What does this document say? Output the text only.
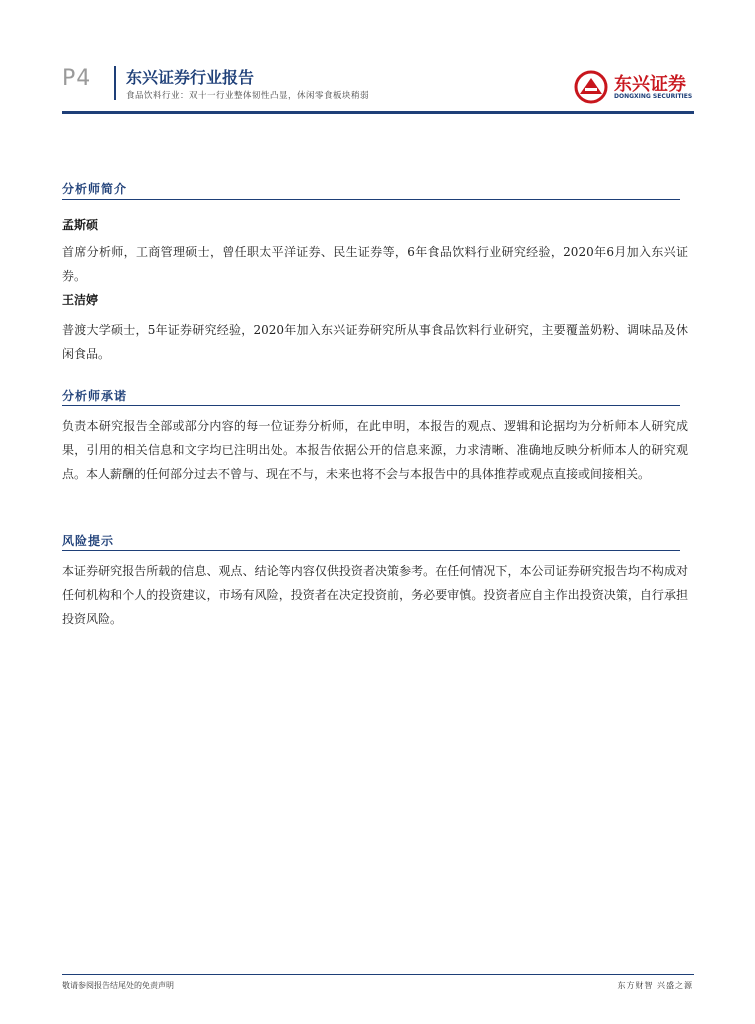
P4 东兴证券行业报告
食品饮料行业：双十一行业整体韧性凸显，休闲零食板块稍弱
东兴证券
DONGXING SECURITIES
分析师简介
孟斯硕
首席分析师，工商管理硕士，曾任职太平洋证券、民生证券等，6年食品饮料行业研究经验，2020年6月加入东兴证券。
王洁婷
普渡大学硕士，5年证券研究经验，2020年加入东兴证券研究所从事食品饮料行业研究，主要覆盖奶粉、调味品及休闲食品。
分析师承诺
负责本研究报告全部或部分内容的每一位证券分析师，在此申明，本报告的观点、逻辑和论据均为分析师本人研究成果，引用的相关信息和文字均已注明出处。本报告依据公开的信息来源，力求清晰、准确地反映分析师本人的研究观点。本人薪酬的任何部分过去不曾与、现在不与，未来也将不会与本报告中的具体推荐或观点直接或间接相关。
风险提示
本证券研究报告所载的信息、观点、结论等内容仅供投资者决策参考。在任何情况下，本公司证券研究报告均不构成对任何机构和个人的投资建议，市场有风险，投资者在决定投资前，务必要审慎。投资者应自主作出投资决策，自行承担投资风险。
敬请参阅报告结尾处的免责声明	东方财智 兴盛之源
